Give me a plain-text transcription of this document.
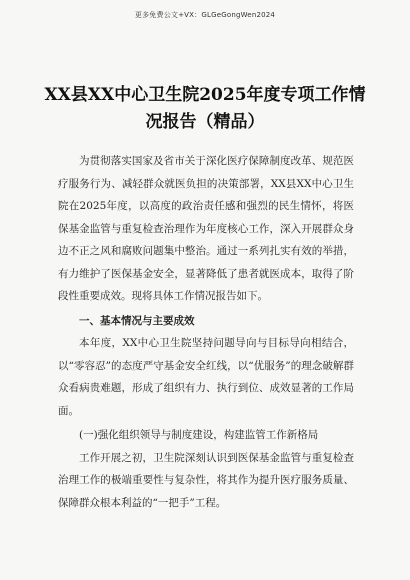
更多免费公文+VX：GLGeGongWen2024
XX县XX中心卫生院2025年度专项工作情况报告（精品）

为贯彻落实国家及省市关于深化医疗保障制度改革、规范医疗服务行为、减轻群众就医负担的决策部署，XX县XX中心卫生院在2025年度，以高度的政治责任感和强烈的民生情怀，将医保基金监管与重复检查治理作为年度核心工作，深入开展群众身边不正之风和腐败问题集中整治。通过一系列扎实有效的举措，有力维护了医保基金安全，显著降低了患者就医成本，取得了阶段性重要成效。现将具体工作情况报告如下。

一、基本情况与主要成效

本年度，XX中心卫生院坚持问题导向与目标导向相结合，以“零容忍”的态度严守基金安全红线，以“优服务”的理念破解群众看病贵难题，形成了组织有力、执行到位、成效显著的工作局面。

(一)强化组织领导与制度建设，构建监管工作新格局

工作开展之初，卫生院深刻认识到医保基金监管与重复检查治理工作的极端重要性与复杂性，将其作为提升医疗服务质量、保障群众根本利益的“一把手”工程。
